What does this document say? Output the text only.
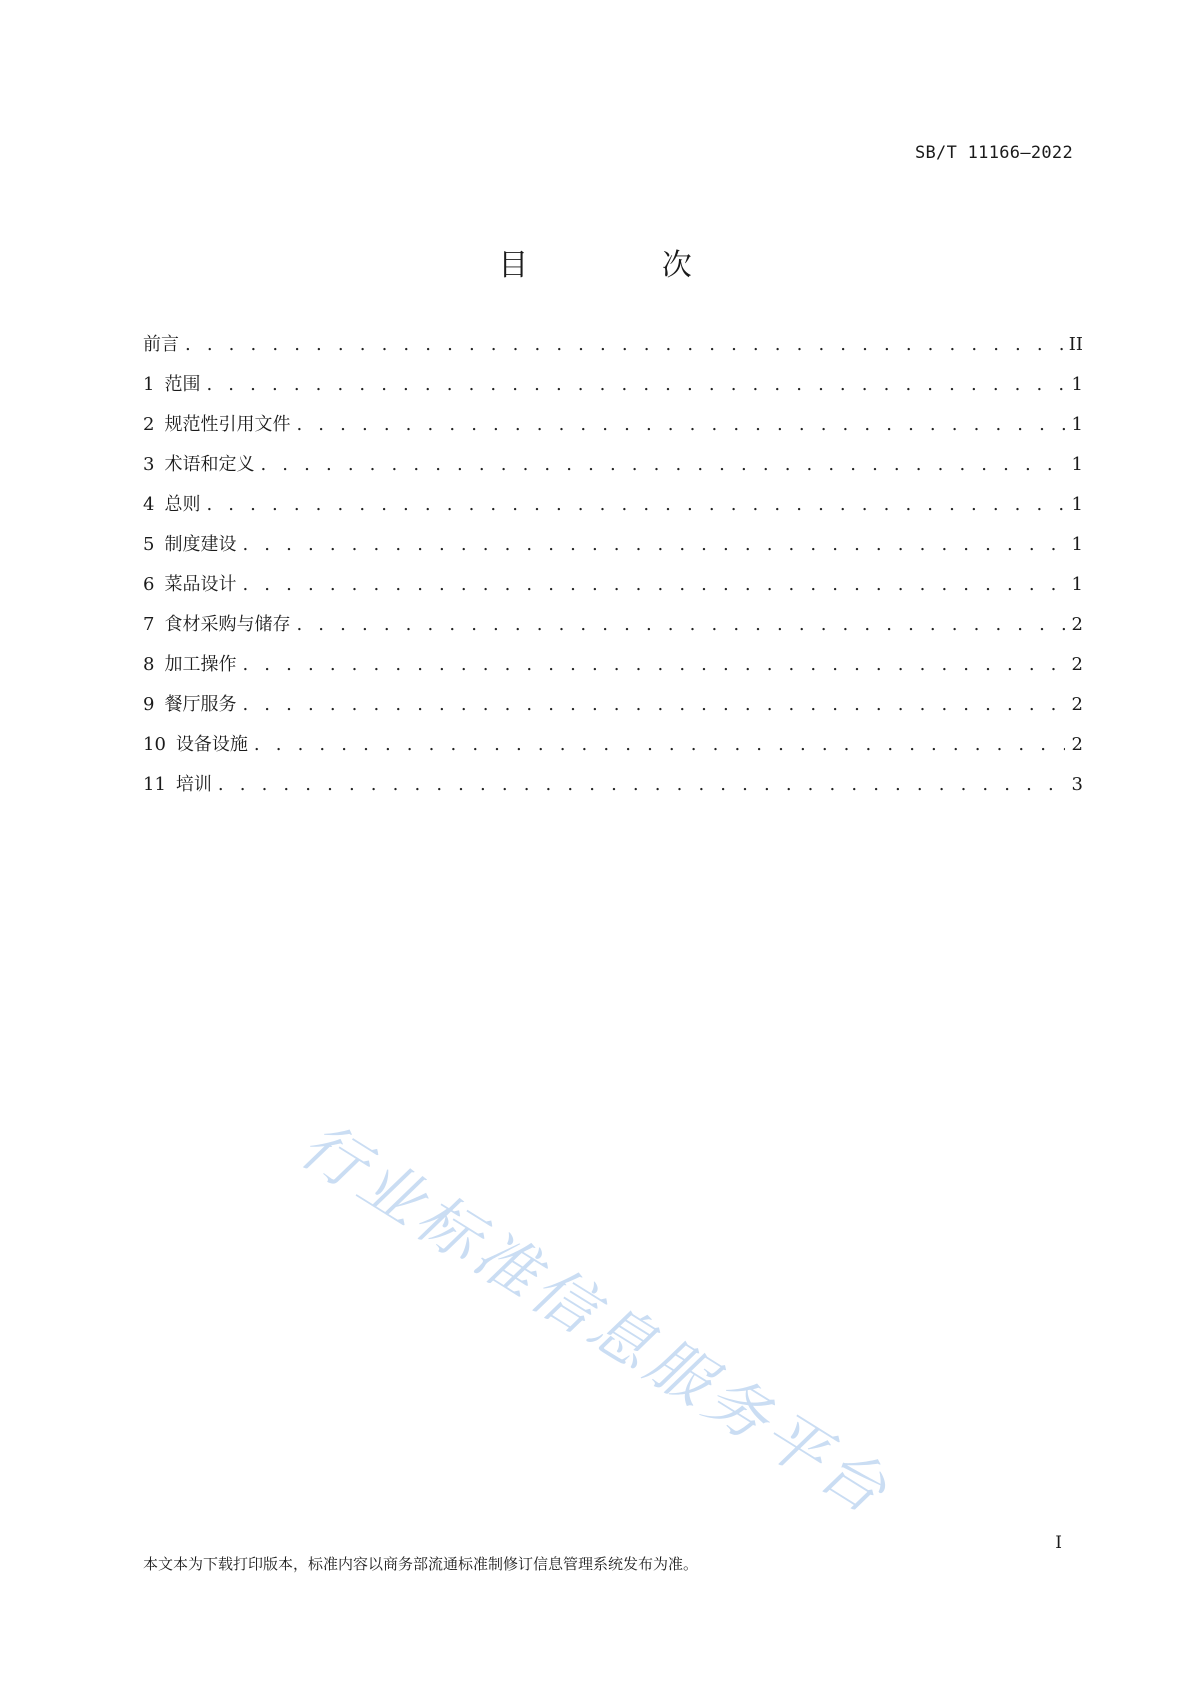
SB/T 11166—2022
目 次
前言 . . .	II
1 范围 . . .	1
2 规范性引用文件 . . .	1
3 术语和定义 . . .	1
4 总则 . . .	1
5 制度建设 . . .	1
6 菜品设计 . . .	1
7 食材采购与储存 . . .	2
8 加工操作 . . .	2
9 餐厅服务 . . .	2
10 设备设施 . . .	2
11 培训 . . .	3
行业标准信息服务平台
I
本文本为下载打印版本，标准内容以商务部流通标准制修订信息管理系统发布为准。
